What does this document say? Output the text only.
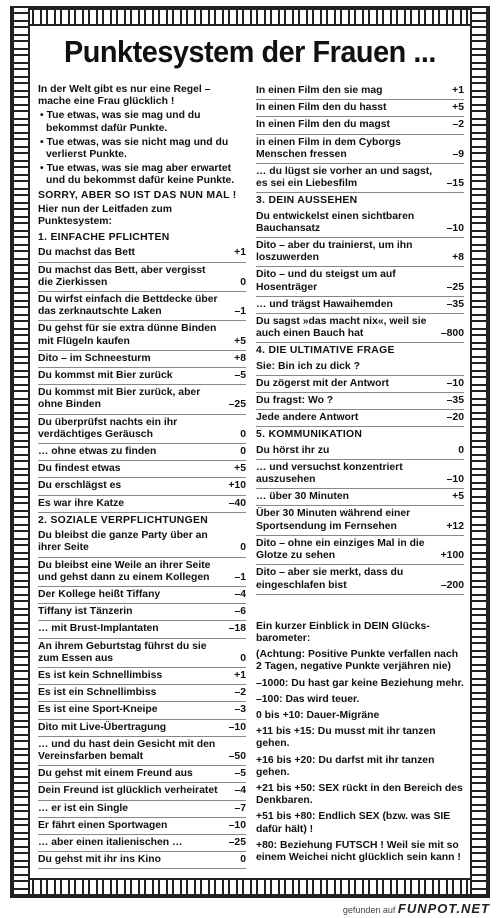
Punktesystem der Frauen ...
In der Welt gibt es nur eine Regel – mache eine Frau glücklich !
• Tue etwas, was sie mag und du bekommst dafür Punkte.
• Tue etwas, was sie nicht mag und du verlierst Punkte.
• Tue etwas, was sie mag aber erwartet und du bekommst dafür keine Punkte.
SORRY, ABER SO IST DAS NUN MAL !
Hier nun der Leitfaden zum Punktesystem:
1. EINFACHE PFLICHTEN
Du machst das Bett	+1
Du machst das Bett, aber vergisst die Zierkissen	0
Du wirfst einfach die Bettdecke über das zerknautschte Laken	–1
Du gehst für sie extra dünne Binden mit Flügeln kaufen	+5
Dito – im Schneesturm	+8
Du kommst mit Bier zurück	–5
Du kommst mit Bier zurück, aber ohne Binden	–25
Du überprüfst nachts ein ihr verdächtiges Geräusch	0
… ohne etwas zu finden	0
Du findest etwas	+5
Du erschlägst es	+10
Es war ihre Katze	–40
2. SOZIALE VERPFLICHTUNGEN
Du bleibst die ganze Party über an ihrer Seite	0
Du bleibst eine Weile an ihrer Seite und gehst dann zu einem Kollegen	–1
Der Kollege heißt Tiffany	–4
Tiffany ist Tänzerin	–6
… mit Brust-Implantaten	–18
An ihrem Geburtstag führst du sie zum Essen aus	0
Es ist kein Schnellimbiss	+1
Es ist ein Schnellimbiss	–2
Es ist eine Sport-Kneipe	–3
Dito mit Live-Übertragung	–10
… und du hast dein Gesicht mit den Vereinsfarben bemalt	–50
Du gehst mit einem Freund aus	–5
Dein Freund ist glücklich verheiratet	–4
… er ist ein Single	–7
Er fährt einen Sportwagen	–10
… aber einen italienischen …	–25
Du gehst mit ihr ins Kino	0
In einen Film den sie mag	+1
In einen Film den du hasst	+5
In einen Film den du magst	–2
in einen Film in dem Cyborgs Menschen fressen	–9
… du lügst sie vorher an und sagst, es sei ein Liebesfilm	–15
3. DEIN AUSSEHEN
Du entwickelst einen sichtbaren Bauchansatz	–10
Dito – aber du trainierst, um ihn loszuwerden	+8
Dito – und du steigst um auf Hosenträger	–25
… und trägst Hawaihemden	–35
Du sagst »das macht nix«, weil sie auch einen Bauch hat	–800
4. DIE ULTIMATIVE FRAGE
Sie: Bin ich zu dick ?
Du zögerst mit der Antwort	–10
Du fragst: Wo ?	–35
Jede andere Antwort	–20
5. KOMMUNIKATION
Du hörst ihr zu	0
… und versuchst konzentriert auszusehen	–10
… über 30 Minuten	+5
Über 30 Minuten während einer Sportsendung im Fernsehen	+12
Dito – ohne ein einziges Mal in die Glotze zu sehen	+100
Dito – aber sie merkt, dass du eingeschlafen bist	–200
Ein kurzer Einblick in DEIN Glücks-barometer:
(Achtung: Positive Punkte verfallen nach 2 Tagen, negative Punkte verjähren nie)
–1000: Du hast gar keine Beziehung mehr.
–100: Das wird teuer.
0 bis +10: Dauer-Migräne
+11 bis +15: Du musst mit ihr tanzen gehen.
+16 bis +20: Du darfst mit ihr tanzen gehen.
+21 bis +50: SEX rückt in den Bereich des Denkbaren.
+51 bis +80: Endlich SEX (bzw. was SIE dafür hält) !
+80: Beziehung FUTSCH ! Weil sie mit so einem Weichei nicht glücklich sein kann !
gefunden auf FUNPOT.NET
